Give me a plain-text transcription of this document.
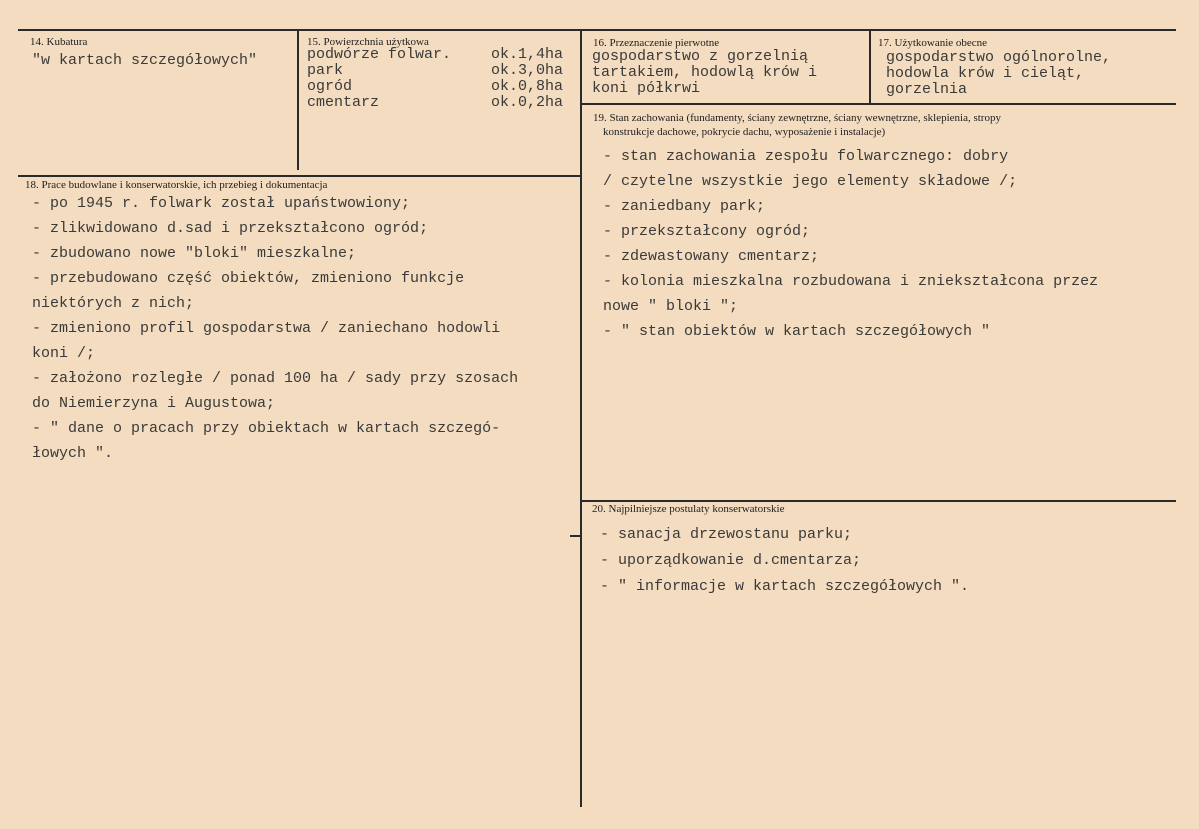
14. Kubatura
"w kartach szczegółowych"
15. Powierzchnia użytkowa
podwórze folwar.	ok.1,4ha
park	ok.3,0ha
ogród	ok.0,8ha
cmentarz	ok.0,2ha
16. Przeznaczenie pierwotne
gospodarstwo z gorzelnią
tartakiem, hodowlą krów i
koni półkrwi
17. Użytkowanie obecne
gospodarstwo ogólnorolne,
hodowla krów i cieląt,
gorzelnia
18. Prace budowlane i konserwatorskie, ich przebieg i dokumentacja
- po 1945 r. folwark został upaństwowiony;
- zlikwidowano d.sad i przekształcono ogród;
- zbudowano nowe "bloki" mieszkalne;
- przebudowano część obiektów, zmieniono funkcje
niektórych z nich;
- zmieniono profil gospodarstwa / zaniechano hodowli
koni /;
- założono rozległe / ponad 100 ha / sady przy szosach
do Niemierzyna i Augustowa;
- " dane o pracach przy obiektach w kartach szczegó-
łowych ".
19. Stan zachowania (fundamenty, ściany zewnętrzne, ściany wewnętrzne, sklepienia, stropy
konstrukcje dachowe, pokrycie dachu, wyposażenie i instalacje)
- stan zachowania zespołu folwarcznego: dobry
/ czytelne wszystkie jego elementy składowe /;
- zaniedbany park;
- przekształcony ogród;
- zdewastowany cmentarz;
- kolonia mieszkalna rozbudowana i zniekształcona przez
nowe " bloki ";
- " stan obiektów w kartach szczegółowych "
20. Najpilniejsze postulaty konserwatorskie
- sanacja drzewostanu parku;
- uporządkowanie d.cmentarza;
- " informacje w kartach szczegółowych ".
